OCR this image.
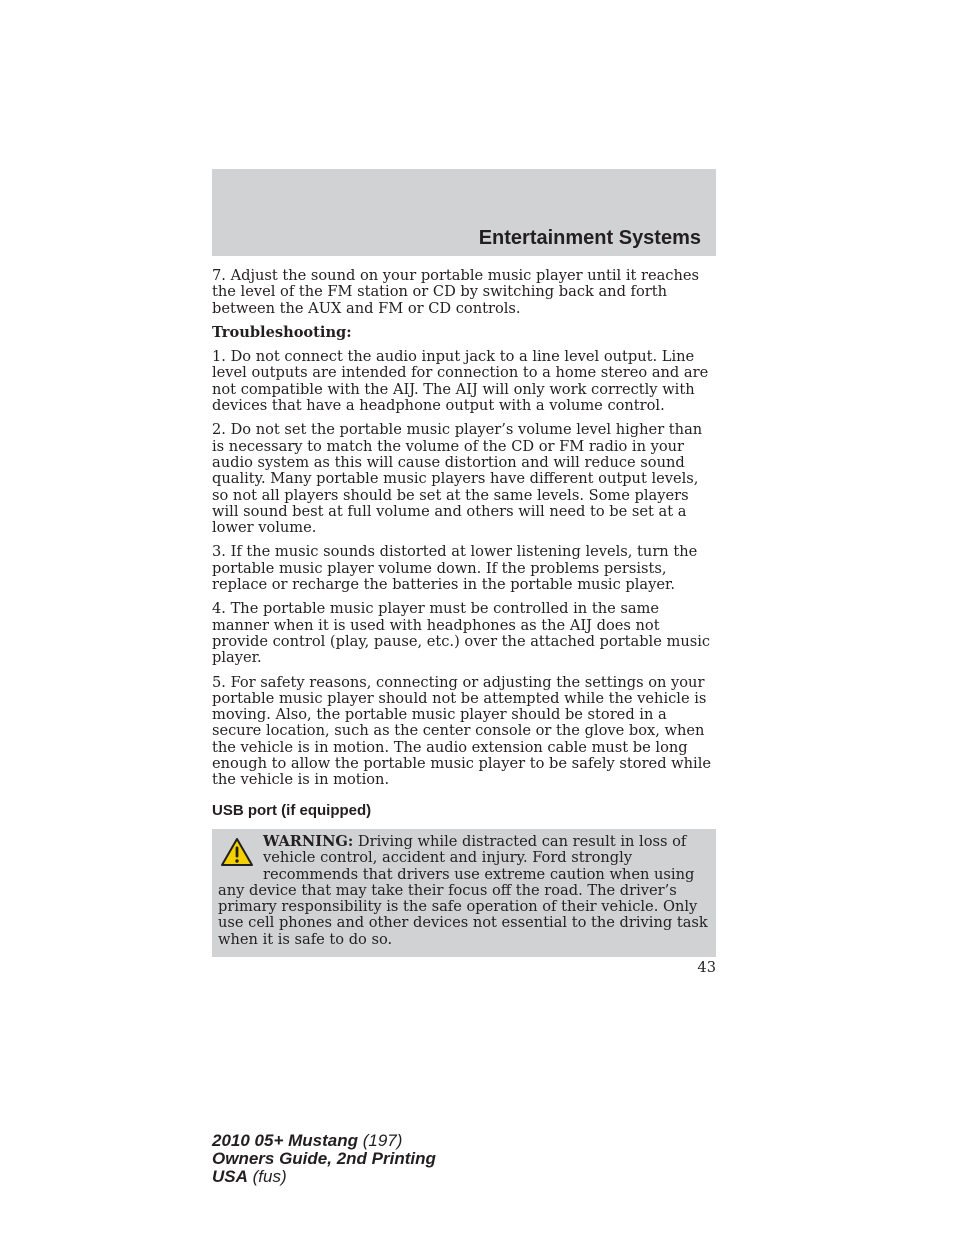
Entertainment Systems

7. Adjust the sound on your portable music player until it reaches the level of the FM station or CD by switching back and forth between the AUX and FM or CD controls.

Troubleshooting:

1. Do not connect the audio input jack to a line level output. Line level outputs are intended for connection to a home stereo and are not compatible with the AIJ. The AIJ will only work correctly with devices that have a headphone output with a volume control.

2. Do not set the portable music player’s volume level higher than is necessary to match the volume of the CD or FM radio in your audio system as this will cause distortion and will reduce sound quality. Many portable music players have different output levels, so not all players should be set at the same levels. Some players will sound best at full volume and others will need to be set at a lower volume.

3. If the music sounds distorted at lower listening levels, turn the portable music player volume down. If the problems persists, replace or recharge the batteries in the portable music player.

4. The portable music player must be controlled in the same manner when it is used with headphones as the AIJ does not provide control (play, pause, etc.) over the attached portable music player.

5. For safety reasons, connecting or adjusting the settings on your portable music player should not be attempted while the vehicle is moving. Also, the portable music player should be stored in a secure location, such as the center console or the glove box, when the vehicle is in motion. The audio extension cable must be long enough to allow the portable music player to be safely stored while the vehicle is in motion.

USB port (if equipped)
WARNING: Driving while distracted can result in loss of vehicle control, accident and injury. Ford strongly recommends that drivers use extreme caution when using any device that may take their focus off the road. The driver’s primary responsibility is the safe operation of their vehicle. Only use cell phones and other devices not essential to the driving task when it is safe to do so.
43
2010 05+ Mustang (197)
Owners Guide, 2nd Printing
USA (fus)
